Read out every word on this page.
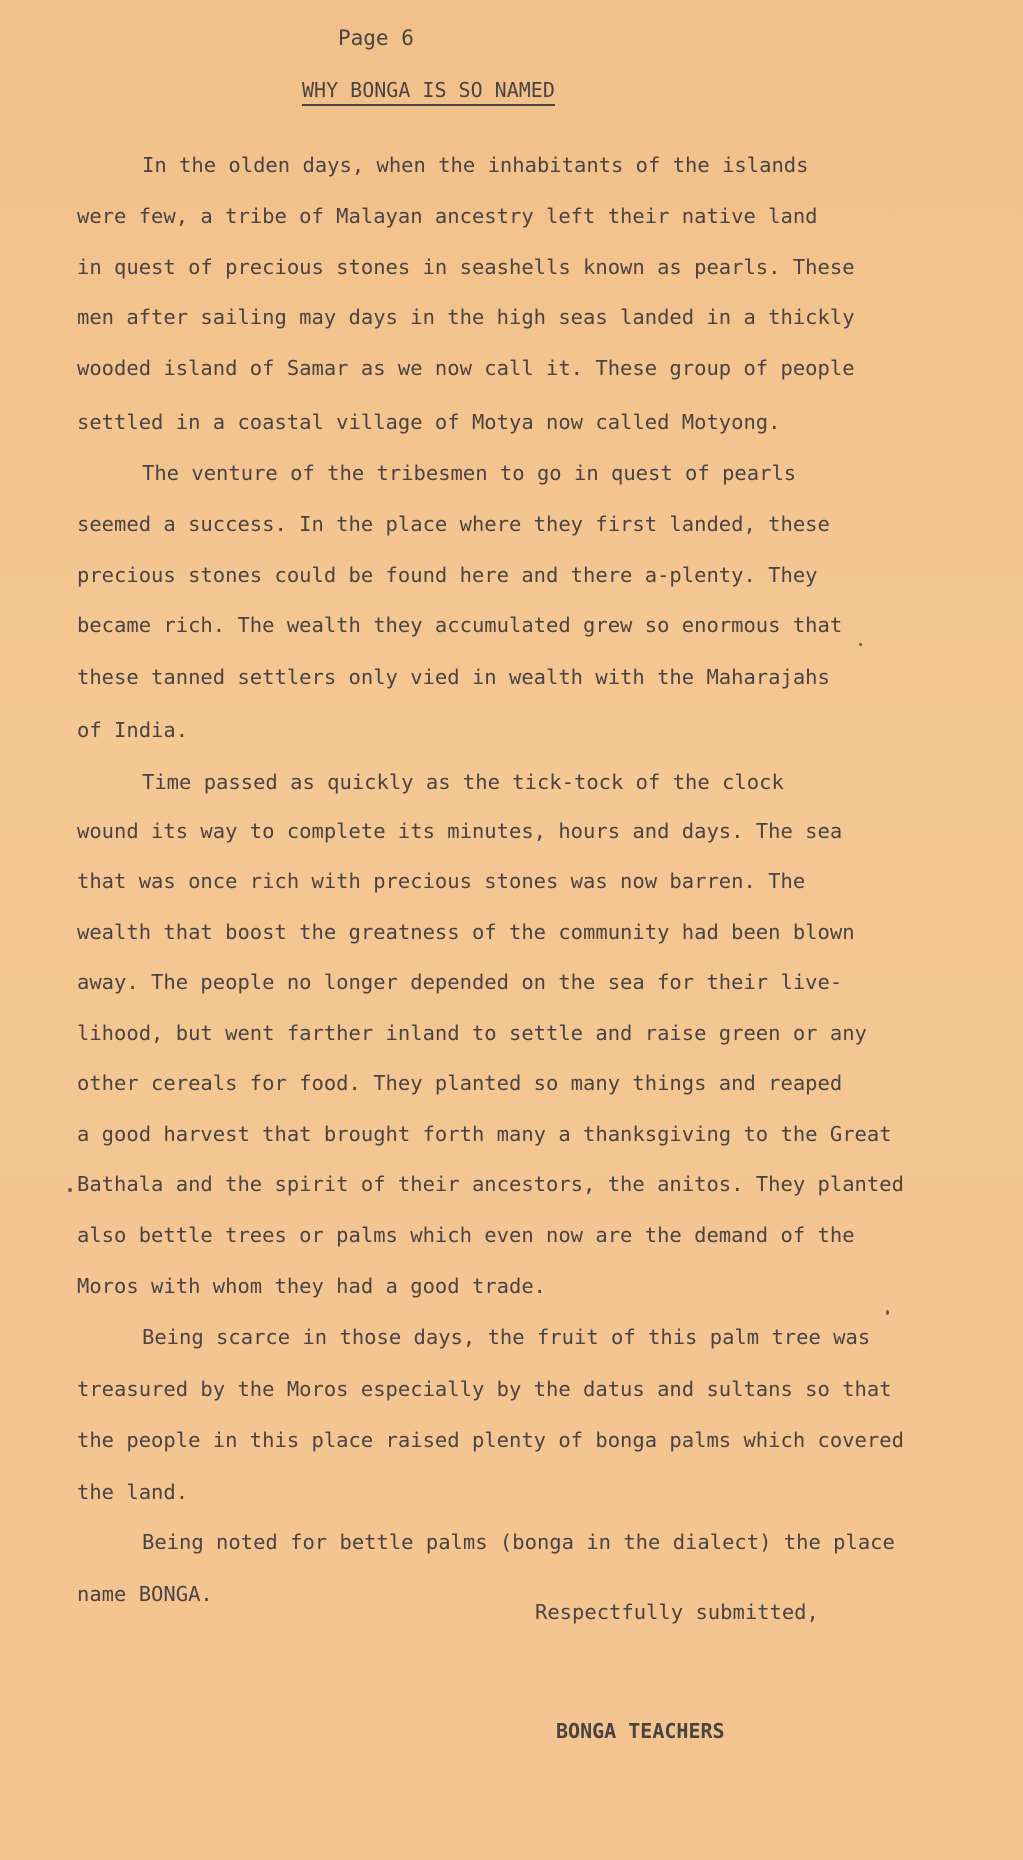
Page 6
WHY BONGA IS SO NAMED
In the olden days, when the inhabitants of the islands
were few, a tribe of Malayan ancestry left their native land
in quest of precious stones in seashells known as pearls. These
men after sailing may days in the high seas landed in a thickly
wooded island of Samar as we now call it. These group of people
settled in a coastal village of Motya now called Motyong.
The venture of the tribesmen to go in quest of pearls
seemed a success. In the place where they first landed, these
precious stones could be found here and there a-plenty. They
became rich. The wealth they accumulated grew so enormous that
these tanned settlers only vied in wealth with the Maharajahs
of India.
Time passed as quickly as the tick-tock of the clock
wound its way to complete its minutes, hours and days. The sea
that was once rich with precious stones was now barren. The
wealth that boost the greatness of the community had been blown
away. The people no longer depended on the sea for their live-
lihood, but went farther inland to settle and raise green or any
other cereals for food. They planted so many things and reaped
a good harvest that brought forth many a thanksgiving to the Great
Bathala and the spirit of their ancestors, the anitos. They planted
also bettle trees or palms which even now are the demand of the
Moros with whom they had a good trade.
Being scarce in those days, the fruit of this palm tree was
treasured by the Moros especially by the datus and sultans so that
the people in this place raised plenty of bonga palms which covered
the land.
Being noted for bettle palms (bonga in the dialect) the place
name BONGA.
Respectfully submitted,
BONGA TEACHERS
